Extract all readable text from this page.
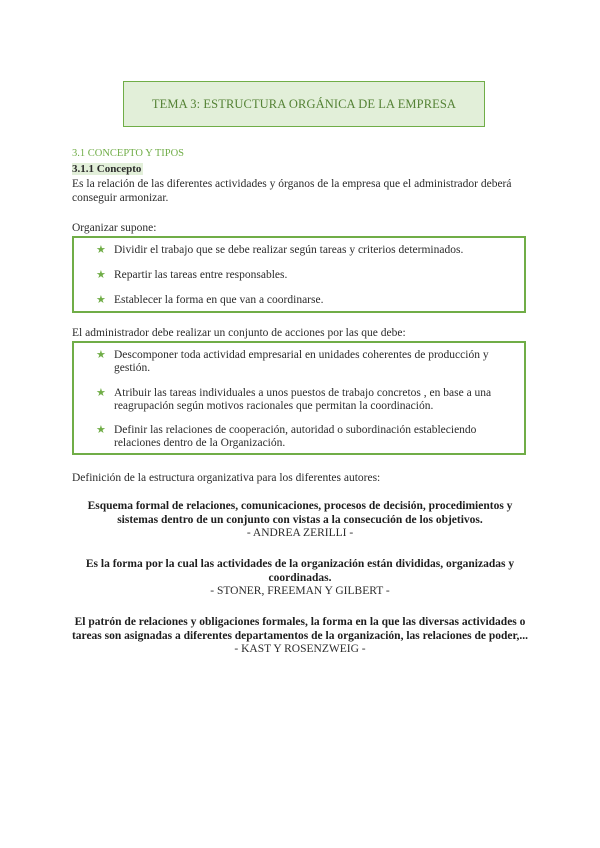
TEMA 3: ESTRUCTURA ORGÁNICA DE LA EMPRESA
3.1 CONCEPTO Y TIPOS
3.1.1 Concepto
Es la relación de las diferentes actividades y órganos de la empresa que el administrador deberá conseguir armonizar.
Organizar supone:
★ Dividir el trabajo que se debe realizar según tareas y criterios determinados.
★ Repartir las tareas entre responsables.
★ Establecer la forma en que van a coordinarse.
El administrador debe realizar un conjunto de acciones por las que debe:
★ Descomponer toda actividad empresarial en unidades coherentes de producción y gestión.
★ Atribuir las tareas individuales a unos puestos de trabajo concretos , en base a una reagrupación según motivos racionales que permitan la coordinación.
★ Definir las relaciones de cooperación, autoridad o subordinación estableciendo relaciones dentro de la Organización.
Definición de la estructura organizativa para los diferentes autores:
Esquema formal de relaciones, comunicaciones, procesos de decisión, procedimientos y sistemas dentro de un conjunto con vistas a la consecución de los objetivos.
- ANDREA ZERILLI -
Es la forma por la cual las actividades de la organización están divididas, organizadas y coordinadas.
- STONER, FREEMAN Y GILBERT -
El patrón de relaciones y obligaciones formales, la forma en la que las diversas actividades o tareas son asignadas a diferentes departamentos de la organización, las relaciones de poder,...
- KAST Y ROSENZWEIG -
